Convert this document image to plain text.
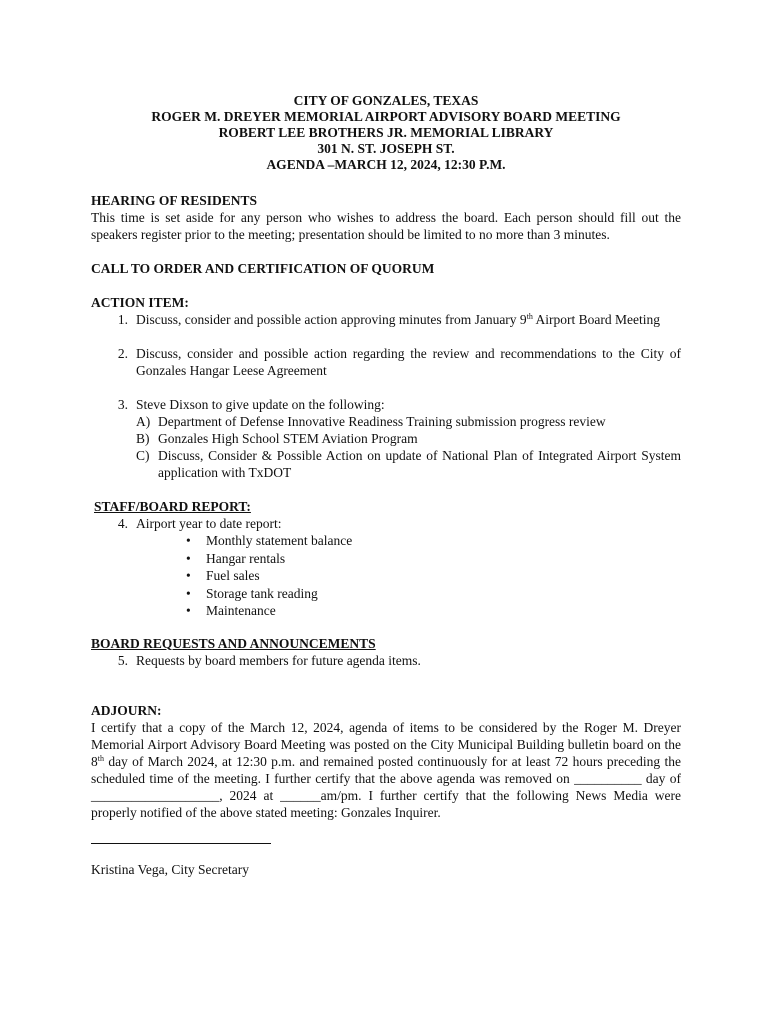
CITY OF GONZALES, TEXAS
ROGER M. DREYER MEMORIAL AIRPORT ADVISORY BOARD MEETING
ROBERT LEE BROTHERS JR. MEMORIAL LIBRARY
301 N. ST. JOSEPH ST.
AGENDA –MARCH 12, 2024, 12:30 P.M.
HEARING OF RESIDENTS
This time is set aside for any person who wishes to address the board. Each person should fill out the speakers register prior to the meeting; presentation should be limited to no more than 3 minutes.
CALL TO ORDER AND CERTIFICATION OF QUORUM
ACTION ITEM:
1. Discuss, consider and possible action approving minutes from January 9th Airport Board Meeting
2. Discuss, consider and possible action regarding the review and recommendations to the City of Gonzales Hangar Leese Agreement
3. Steve Dixson to give update on the following:
A) Department of Defense Innovative Readiness Training submission progress review
B) Gonzales High School STEM Aviation Program
C) Discuss, Consider & Possible Action on update of National Plan of Integrated Airport System application with TxDOT
STAFF/BOARD REPORT:
4. Airport year to date report:
•	Monthly statement balance
•	Hangar rentals
•	Fuel sales
•	Storage tank reading
•	Maintenance
BOARD REQUESTS AND ANNOUNCEMENTS
5. Requests by board members for future agenda items.
ADJOURN:
I certify that a copy of the March 12, 2024, agenda of items to be considered by the Roger M. Dreyer Memorial Airport Advisory Board Meeting was posted on the City Municipal Building bulletin board on the 8th day of March 2024, at 12:30 p.m. and remained posted continuously for at least 72 hours preceding the scheduled time of the meeting. I further certify that the above agenda was removed on __________ day of ___________________, 2024 at ______am/pm. I further certify that the following News Media were properly notified of the above stated meeting: Gonzales Inquirer.
Kristina Vega, City Secretary
